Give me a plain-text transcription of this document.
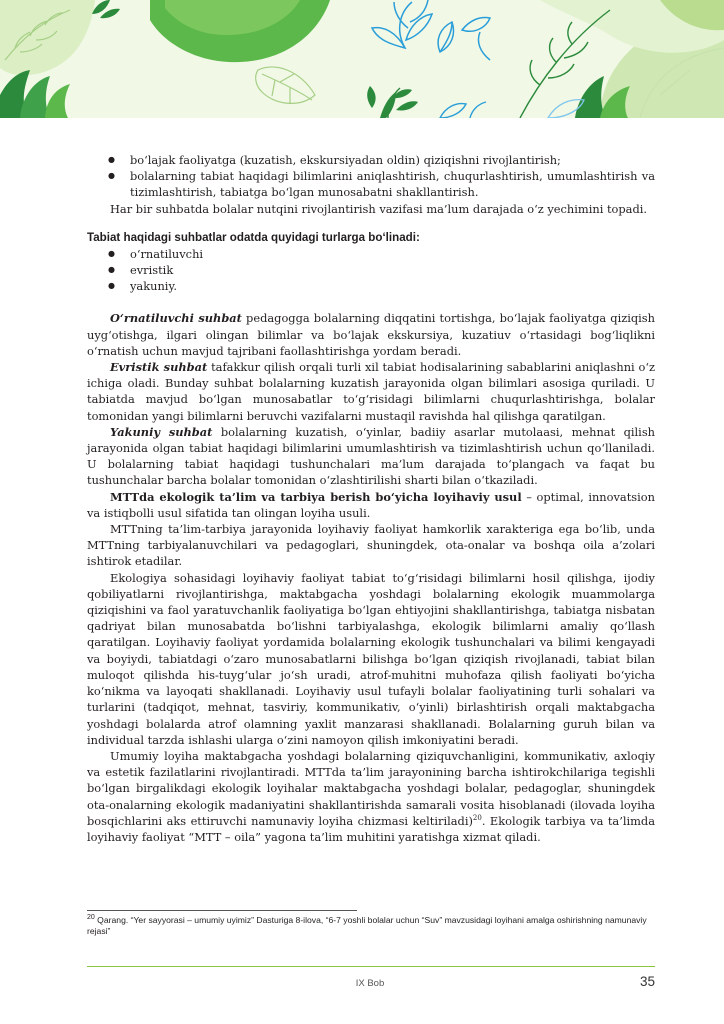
● bo‘lajak faoliyatga (kuzatish, ekskursiyadan oldin) qiziqishni rivojlantirish;
● bolalarning tabiat haqidagi bilimlarini aniqlashtirish, chuqurlashtirish, umumlashtirish va tizimlashtirish, tabiatga bo‘lgan munosabatni shakllantirish.

Har bir suhbatda bolalar nutqini rivojlantirish vazifasi ma’lum darajada o‘z yechimini topadi.

Tabiat haqidagi suhbatlar odatda quyidagi turlarga bo‘linadi:
● o‘rnatiluvchi
● evristik
● yakuniy.

O‘rnatiluvchi suhbat pedagogga bolalarning diqqatini tortishga, bo‘lajak faoliyatga qiziqish uyg‘otishga, ilgari olingan bilimlar va bo‘lajak ekskursiya, kuzatiuv o‘rtasidagi bog‘liqlikni o‘rnatish uchun mavjud tajribani faollashtirishga yordam beradi.

Evristik suhbat tafakkur qilish orqali turli xil tabiat hodisalarining sabablarini aniqlashni o‘z ichiga oladi. Bunday suhbat bolalarning kuzatish jarayonida olgan bilimlari asosiga quriladi. U tabiatda mavjud bo‘lgan munosabatlar to‘g‘risidagi bilimlarni chuqurlashtirishga, bolalar tomonidan yangi bilimlarni beruvchi vazifalarni mustaqil ravishda hal qilishga qaratilgan.

Yakuniy suhbat bolalarning kuzatish, o‘yinlar, badiiy asarlar mutolaasi, mehnat qilish jarayonida olgan tabiat haqidagi bilimlarini umumlashtirish va tizimlashtirish uchun qo‘llaniladi. U bolalarning tabiat haqidagi tushunchalari ma’lum darajada to‘plangach va faqat bu tushunchalar barcha bolalar tomonidan o‘zlashtirilishi sharti bilan o‘tkaziladi.

MTTda ekologik ta’lim va tarbiya berish bo‘yicha loyihaviy usul – optimal, innovatsion va istiqbolli usul sifatida tan olingan loyiha usuli.

MTTning ta’lim-tarbiya jarayonida loyihaviy faoliyat hamkorlik xarakteriga ega bo‘lib, unda MTTning tarbiyalanuvchilari va pedagoglari, shuningdek, ota-onalar va boshqa oila a’zolari ishtirok etadilar.

Ekologiya sohasidagi loyihaviy faoliyat tabiat to‘g‘risidagi bilimlarni hosil qilishga, ijodiy qobiliyatlarni rivojlantirishga, maktabgacha yoshdagi bolalarning ekologik muammolarga qiziqishini va faol yaratuvchanlik faoliyatiga bo‘lgan ehtiyojini shakllantirishga, tabiatga nisbatan qadriyat bilan munosabatda bo‘lishni tarbiyalashga, ekologik bilimlarni amaliy qo‘llash qaratilgan. Loyihaviy faoliyat yordamida bolalarning ekologik tushunchalari va bilimi kengayadi va boyiydi, tabiatdagi o‘zaro munosabatlarni bilishga bo‘lgan qiziqish rivojlanadi, tabiat bilan muloqot qilishda his-tuyg‘ular jo‘sh uradi, atrof-muhitni muhofaza qilish faoliyati bo‘yicha ko‘nikma va layoqati shakllanadi. Loyihaviy usul tufayli bolalar faoliyatining turli sohalari va turlarini (tadqiqot, mehnat, tasviriy, kommunikativ, o‘yinli) birlashtirish orqali maktabgacha yoshdagi bolalarda atrof olamning yaxlit manzarasi shakllanadi. Bolalarning guruh bilan va individual tarzda ishlashi ularga o‘zini namoyon qilish imkoniyatini beradi.

Umumiy loyiha maktabgacha yoshdagi bolalarning qiziquvchanligini, kommunikativ, axloqiy va estetik fazilatlarini rivojlantiradi. MTTda ta’lim jarayonining barcha ishtirokchilariga tegishli bo‘lgan birgalikdagi ekologik loyihalar maktabgacha yoshdagi bolalar, pedagoglar, shuningdek ota-onalarning ekologik madaniyatini shakllantirishda samarali vosita hisoblanadi (ilovada loyiha bosqichlarini aks ettiruvchi namunaviy loyiha chizmasi keltiriladi)$^{20}$. Ekologik tarbiya va ta’limda loyihaviy faoliyat “MTT – oila” yagona ta’lim muhitini yaratishga xizmat qiladi.

$^{20}$ Qarang. “Yer sayyorasi – umumiy uyimiz” Dasturiga 8-ilova, “6-7 yoshli bolalar uchun “Suv” mavzusidagi loyihani amalga oshirishning namunaviy rejasi”
IX Bob	35
